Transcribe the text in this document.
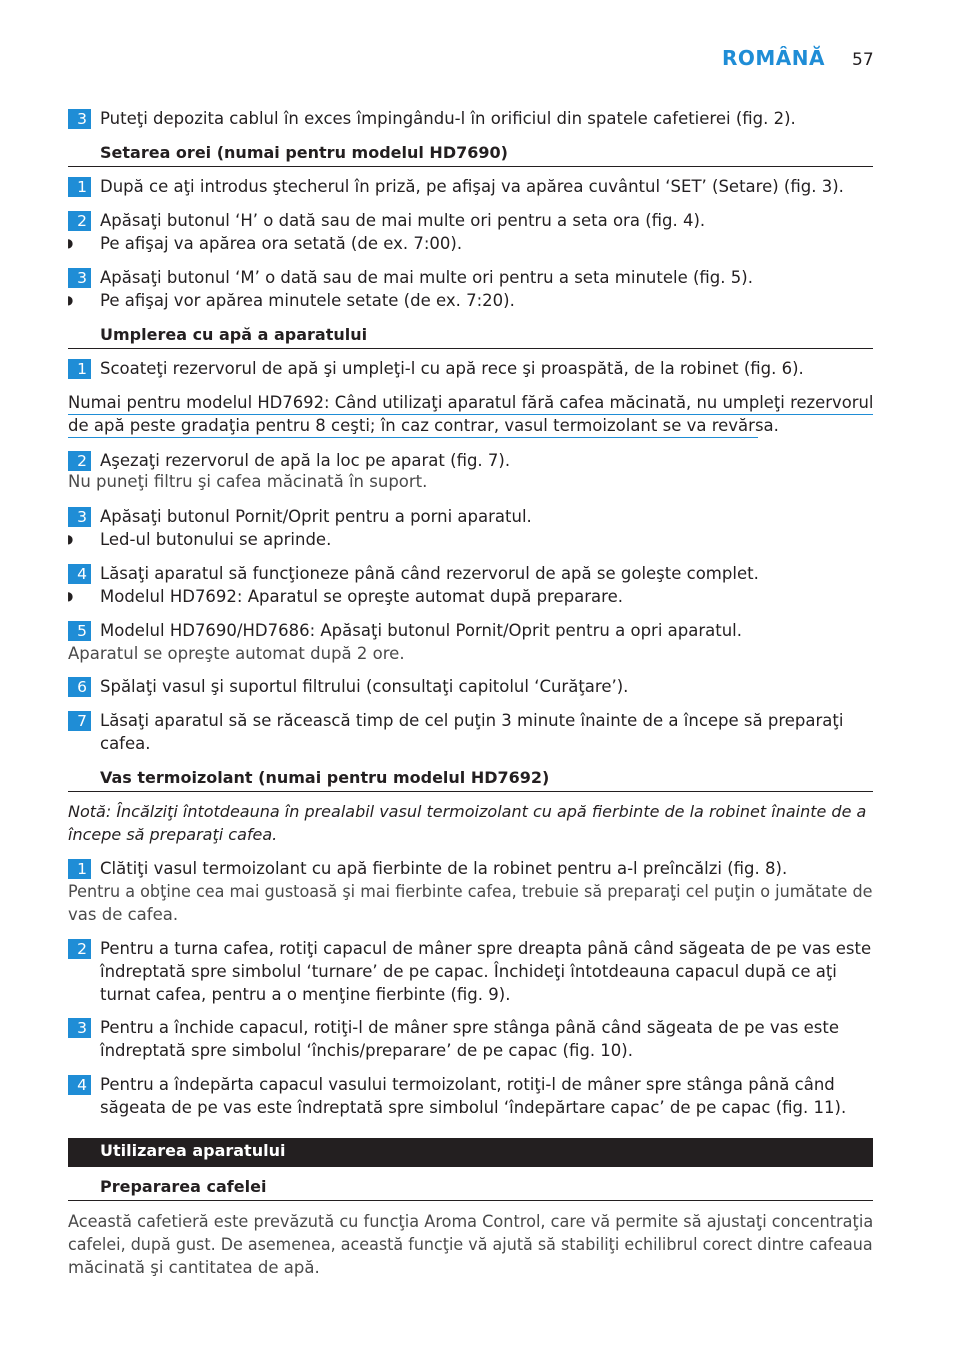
ROMÂNĂ 57
3 Puteţi depozita cablul în exces împingându-l în orificiul din spatele cafetierei (fig. 2).
Setarea orei (numai pentru modelul HD7690)
1 După ce aţi introdus ştecherul în priză, pe afişaj va apărea cuvântul ‘SET’ (Setare) (fig. 3).
2 Apăsaţi butonul ‘H’ o dată sau de mai multe ori pentru a seta ora (fig. 4).
◗ Pe afişaj va apărea ora setată (de ex. 7:00).
3 Apăsaţi butonul ‘M’ o dată sau de mai multe ori pentru a seta minutele (fig. 5).
◗ Pe afişaj vor apărea minutele setate (de ex. 7:20).
Umplerea cu apă a aparatului
1 Scoateţi rezervorul de apă şi umpleţi-l cu apă rece şi proaspătă, de la robinet (fig. 6).
Numai pentru modelul HD7692: Când utilizaţi aparatul fără cafea măcinată, nu umpleţi rezervorul
de apă peste gradaţia pentru 8 ceşti; în caz contrar, vasul termoizolant se va revărsa.
2 Aşezaţi rezervorul de apă la loc pe aparat (fig. 7).
Nu puneţi filtru şi cafea măcinată în suport.
3 Apăsaţi butonul Pornit/Oprit pentru a porni aparatul.
◗ Led-ul butonului se aprinde.
4 Lăsaţi aparatul să funcţioneze până când rezervorul de apă se goleşte complet.
◗ Modelul HD7692: Aparatul se opreşte automat după preparare.
5 Modelul HD7690/HD7686: Apăsaţi butonul Pornit/Oprit pentru a opri aparatul.
Aparatul se opreşte automat după 2 ore.
6 Spălaţi vasul şi suportul filtrului (consultaţi capitolul ‘Curăţare’).
7 Lăsaţi aparatul să se răcească timp de cel puţin 3 minute înainte de a începe să preparaţi
cafea.
Vas termoizolant (numai pentru modelul HD7692)
Notă: Încălziţi întotdeauna în prealabil vasul termoizolant cu apă fierbinte de la robinet înainte de a
începe să preparaţi cafea.
1 Clătiţi vasul termoizolant cu apă fierbinte de la robinet pentru a-l preîncălzi (fig. 8).
Pentru a obţine cea mai gustoasă şi mai fierbinte cafea, trebuie să preparaţi cel puţin o jumătate de
vas de cafea.
2 Pentru a turna cafea, rotiţi capacul de mâner spre dreapta până când săgeata de pe vas este
îndreptată spre simbolul ‘turnare’ de pe capac. Închideţi întotdeauna capacul după ce aţi
turnat cafea, pentru a o menţine fierbinte (fig. 9).
3 Pentru a închide capacul, rotiţi-l de mâner spre stânga până când săgeata de pe vas este
îndreptată spre simbolul ‘închis/preparare’ de pe capac (fig. 10).
4 Pentru a îndepărta capacul vasului termoizolant, rotiţi-l de mâner spre stânga până când
săgeata de pe vas este îndreptată spre simbolul ‘îndepărtare capac’ de pe capac (fig. 11).
Utilizarea aparatului
Prepararea cafelei
Această cafetieră este prevăzută cu funcţia Aroma Control, care vă permite să ajustaţi concentraţia
cafelei, după gust. De asemenea, această funcţie vă ajută să stabiliţi echilibrul corect dintre cafeaua
măcinată şi cantitatea de apă.
